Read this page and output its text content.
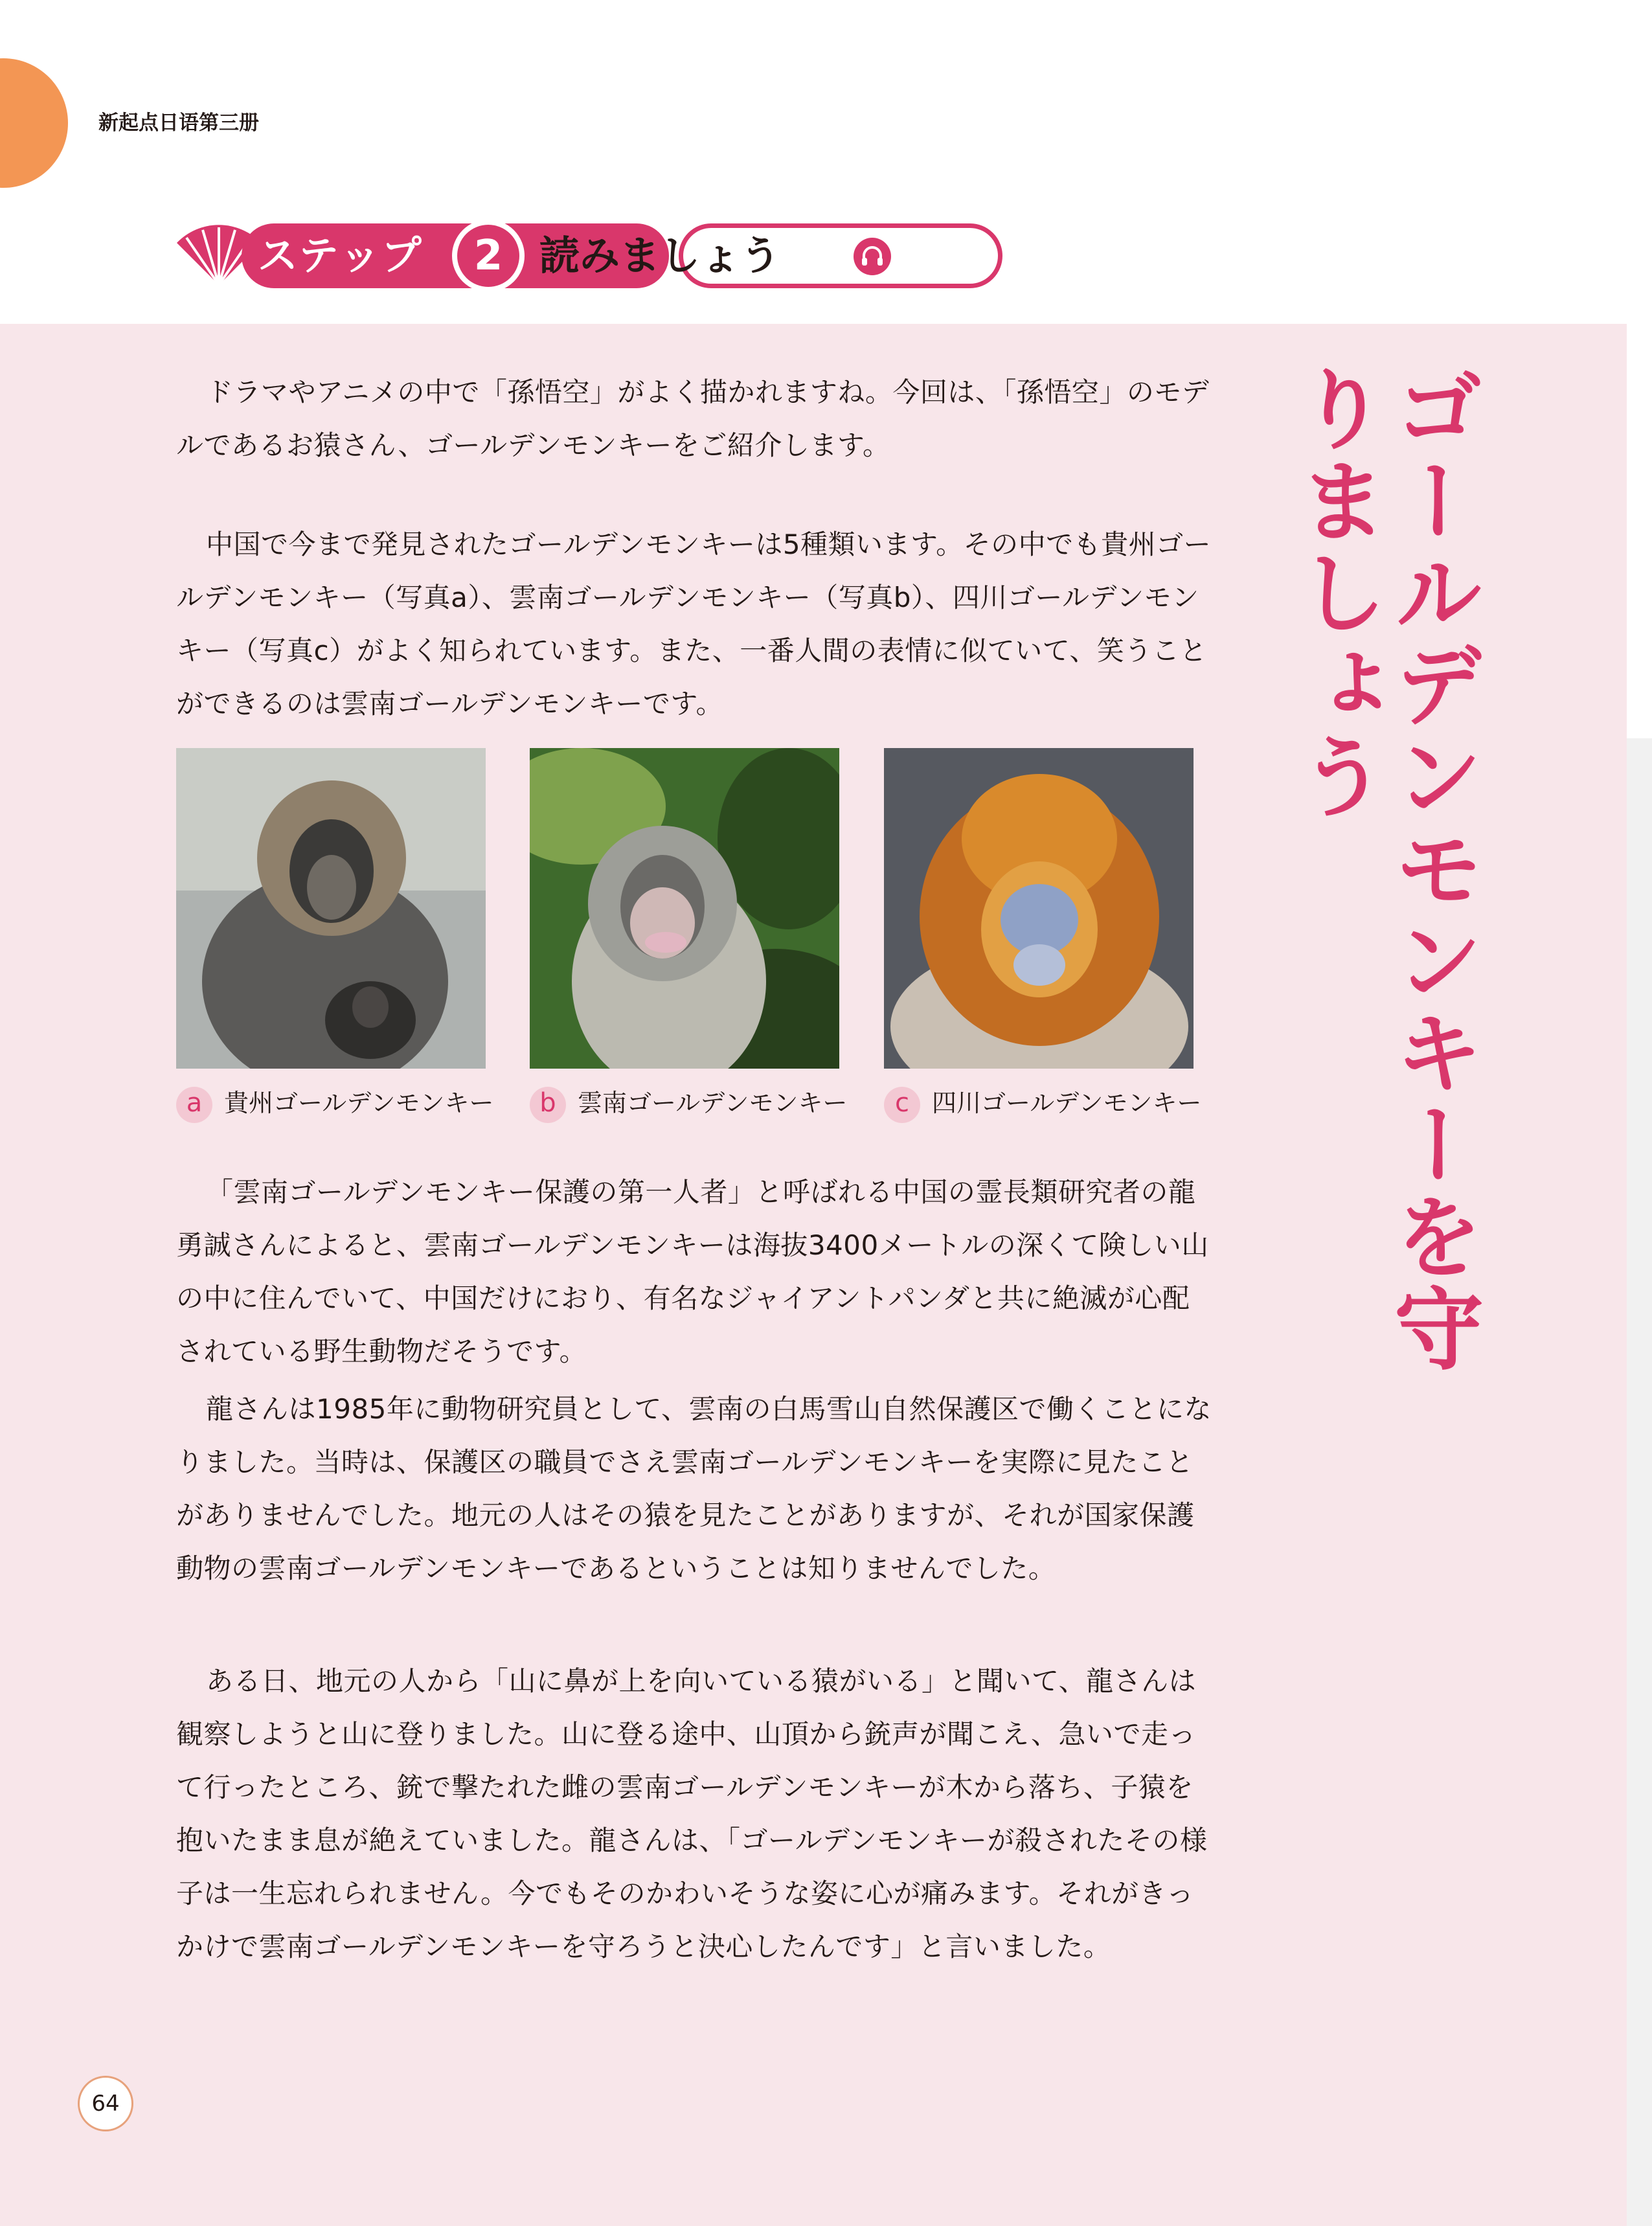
新起点日语第三册
ステップ	2 読みましょう
ゴールデンモンキーを守りましょう
ドラマやアニメの中で「孫悟空」がよく描かれますね。今回は、「孫悟空」のモデルであるお猿さん、ゴールデンモンキーをご紹介します。
中国で今まで発見されたゴールデンモンキーは5種類います。その中でも貴州ゴールデンモンキー（写真a）、雲南ゴールデンモンキー（写真b）、四川ゴールデンモンキー（写真c）がよく知られています。また、一番人間の表情に似ていて、笑うことができるのは雲南ゴールデンモンキーです。
a 貴州ゴールデンモンキー	b 雲南ゴールデンモンキー	c 四川ゴールデンモンキー
「雲南ゴールデンモンキー保護の第一人者」と呼ばれる中国の霊長類研究者の龍勇誠さんによると、雲南ゴールデンモンキーは海抜3400メートルの深くて険しい山の中に住んでいて、中国だけにおり、有名なジャイアントパンダと共に絶滅が心配されている野生動物だそうです。
龍さんは1985年に動物研究員として、雲南の白馬雪山自然保護区で働くことになりました。当時は、保護区の職員でさえ雲南ゴールデンモンキーを実際に見たことがありませんでした。地元の人はその猿を見たことがありますが、それが国家保護動物の雲南ゴールデンモンキーであるということは知りませんでした。
ある日、地元の人から「山に鼻が上を向いている猿がいる」と聞いて、龍さんは観察しようと山に登りました。山に登る途中、山頂から銃声が聞こえ、急いで走って行ったところ、銃で撃たれた雌の雲南ゴールデンモンキーが木から落ち、子猿を抱いたまま息が絶えていました。龍さんは、「ゴールデンモンキーが殺されたその様子は一生忘れられません。今でもそのかわいそうな姿に心が痛みます。それがきっかけで雲南ゴールデンモンキーを守ろうと決心したんです」と言いました。
64
